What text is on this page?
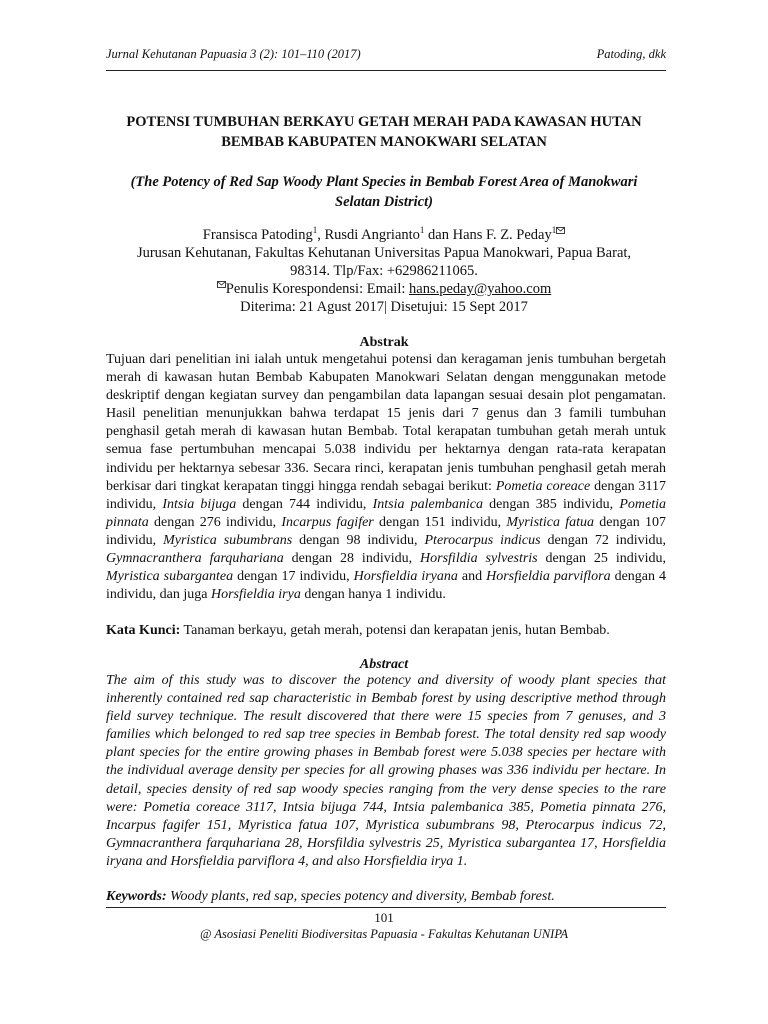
Jurnal Kehutanan Papuasia 3 (2): 101–110 (2017)	Patoding, dkk
POTENSI TUMBUHAN BERKAYU GETAH MERAH PADA KAWASAN HUTAN
BEMBAB KABUPATEN MANOKWARI SELATAN
(The Potency of Red Sap Woody Plant Species in Bembab Forest Area of Manokwari
Selatan District)
Fransisca Patoding$^1$, Rusdi Angrianto$^1$ dan Hans F. Z. Peday$^1$
Jurusan Kehutanan, Fakultas Kehutanan Universitas Papua Manokwari, Papua Barat,
98314. Tlp/Fax: +62986211065.
Penulis Korespondensi: Email: hans.peday@yahoo.com
Diterima: 21 Agust 2017| Disetujui: 15 Sept 2017
Abstrak
Tujuan dari penelitian ini ialah untuk mengetahui potensi dan keragaman jenis tumbuhan bergetah merah di kawasan hutan Bembab Kabupaten Manokwari Selatan dengan menggunakan metode deskriptif dengan kegiatan survey dan pengambilan data lapangan sesuai desain plot pengamatan. Hasil penelitian menunjukkan bahwa terdapat 15 jenis dari 7 genus dan 3 famili tumbuhan penghasil getah merah di kawasan hutan Bembab. Total kerapatan tumbuhan getah merah untuk semua fase pertumbuhan mencapai 5.038 individu per hektarnya dengan rata-rata kerapatan individu per hektarnya sebesar 336. Secara rinci, kerapatan jenis tumbuhan penghasil getah merah berkisar dari tingkat kerapatan tinggi hingga rendah sebagai berikut: Pometia coreace dengan 3117 individu, Intsia bijuga dengan 744 individu, Intsia palembanica dengan 385 individu, Pometia pinnata dengan 276 individu, Incarpus fagifer dengan 151 individu, Myristica fatua dengan 107 individu, Myristica subumbrans dengan 98 individu, Pterocarpus indicus dengan 72 individu, Gymnacranthera farquhariana dengan 28 individu, Horsfildia sylvestris dengan 25 individu, Myristica subargantea dengan 17 individu, Horsfieldia iryana and Horsfieldia parviflora dengan 4 individu, dan juga Horsfieldia irya dengan hanya 1 individu.
Kata Kunci: Tanaman berkayu, getah merah, potensi dan kerapatan jenis, hutan Bembab.
Abstract
The aim of this study was to discover the potency and diversity of woody plant species that inherently contained red sap characteristic in Bembab forest by using descriptive method through field survey technique. The result discovered that there were 15 species from 7 genuses, and 3 families which belonged to red sap tree species in Bembab forest. The total density red sap woody plant species for the entire growing phases in Bembab forest were 5.038 species per hectare with the individual average density per species for all growing phases was 336 individu per hectare. In detail, species density of red sap woody species ranging from the very dense species to the rare were: Pometia coreace 3117, Intsia bijuga 744, Intsia palembanica 385, Pometia pinnata 276, Incarpus fagifer 151, Myristica fatua 107, Myristica subumbrans 98, Pterocarpus indicus 72, Gymnacranthera farquhariana 28, Horsfildia sylvestris 25, Myristica subargantea 17, Horsfieldia iryana and Horsfieldia parviflora 4, and also Horsfieldia irya 1.
Keywords: Woody plants, red sap, species potency and diversity, Bembab forest.
101
@ Asosiasi Peneliti Biodiversitas Papuasia - Fakultas Kehutanan UNIPA
